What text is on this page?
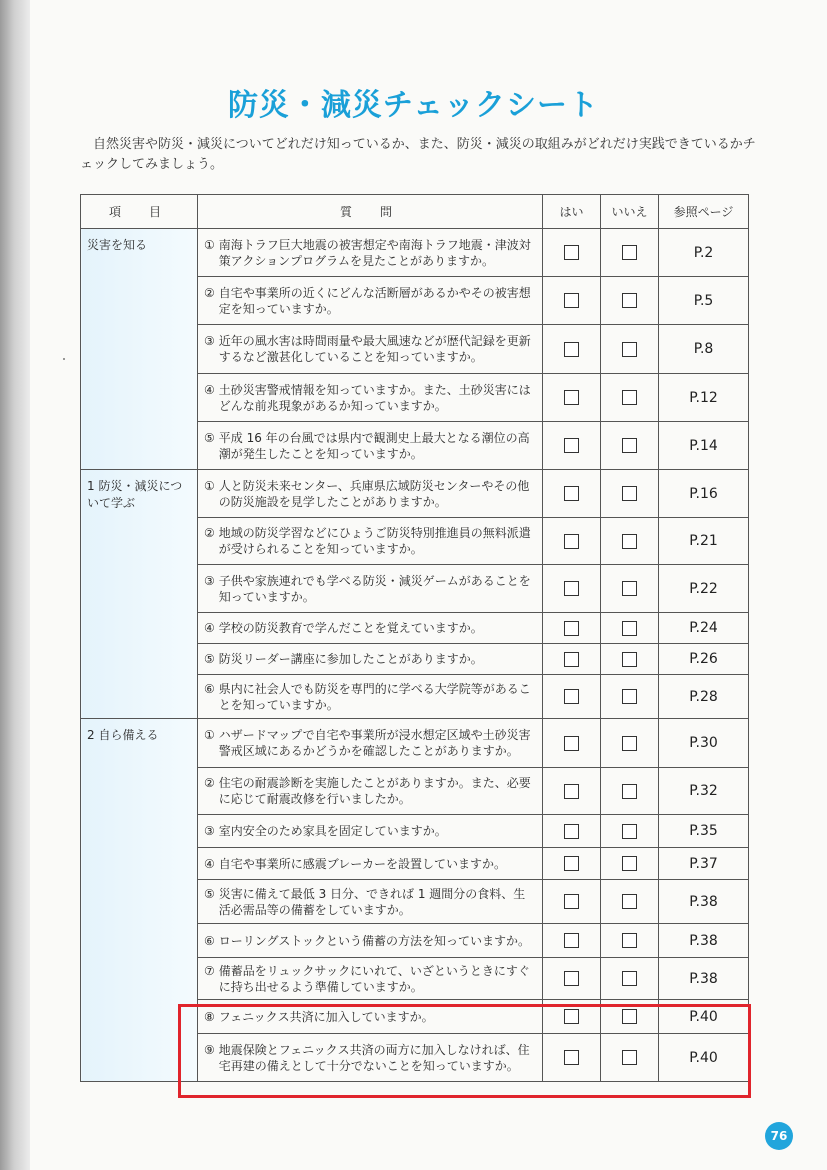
防災・減災チェックシート

自然災害や防災・減災についてどれだけ知っているか、また、防災・減災の取組みがどれだけ実践できているかチェックしてみましょう。

項　目	質　問	はい	いいえ	参照ページ
災害を知る	① 南海トラフ巨大地震の被害想定や南海トラフ地震・津波対策アクションプログラムを見たことがありますか。			P.2

	② 自宅や事業所の近くにどんな活断層があるかやその被害想定を知っていますか。			P.5

	③ 近年の風水害は時間雨量や最大風速などが歴代記録を更新するなど激甚化していることを知っていますか。			P.8

	④ 土砂災害警戒情報を知っていますか。また、土砂災害にはどんな前兆現象があるか知っていますか。			P.12

	⑤ 平成 16 年の台風では県内で観測史上最大となる潮位の高潮が発生したことを知っていますか。			P.14
1 防災・減災について学ぶ	① 人と防災未来センター、兵庫県広域防災センターやその他の防災施設を見学したことがありますか。			P.16

	② 地域の防災学習などにひょうご防災特別推進員の無料派遣が受けられることを知っていますか。			P.21

	③ 子供や家族連れでも学べる防災・減災ゲームがあることを知っていますか。			P.22

	④ 学校の防災教育で学んだことを覚えていますか。			P.24

	⑤ 防災リーダー講座に参加したことがありますか。			P.26

	⑥ 県内に社会人でも防災を専門的に学べる大学院等があることを知っていますか。			P.28
2 自ら備える	① ハザードマップで自宅や事業所が浸水想定区域や土砂災害警戒区域にあるかどうかを確認したことがありますか。			P.30

	② 住宅の耐震診断を実施したことがありますか。また、必要に応じて耐震改修を行いましたか。			P.32

	③ 室内安全のため家具を固定していますか。			P.35

	④ 自宅や事業所に感震ブレーカーを設置していますか。			P.37

	⑤ 災害に備えて最低 3 日分、できれば 1 週間分の食料、生活必需品等の備蓄をしていますか。			P.38

	⑥ ローリングストックという備蓄の方法を知っていますか。			P.38

	⑦ 備蓄品をリュックサックにいれて、いざというときにすぐに持ち出せるよう準備していますか。			P.38

	⑧ フェニックス共済に加入していますか。			P.40

	⑨ 地震保険とフェニックス共済の両方に加入しなければ、住宅再建の備えとして十分でないことを知っていますか。			P.40
76
